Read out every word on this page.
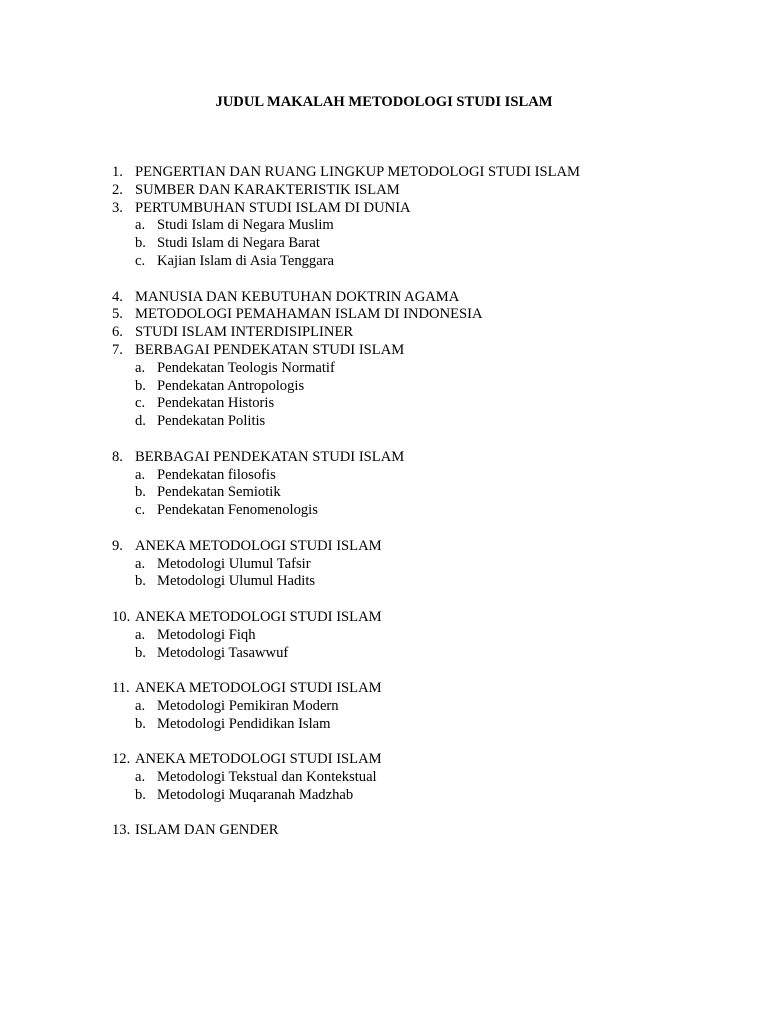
JUDUL MAKALAH METODOLOGI STUDI ISLAM
1. PENGERTIAN DAN RUANG LINGKUP METODOLOGI STUDI ISLAM
2. SUMBER DAN KARAKTERISTIK ISLAM
3. PERTUMBUHAN STUDI ISLAM DI DUNIA
a. Studi Islam di Negara Muslim
b. Studi Islam di Negara Barat
c. Kajian Islam di Asia Tenggara
4. MANUSIA DAN KEBUTUHAN DOKTRIN AGAMA
5. METODOLOGI PEMAHAMAN ISLAM DI INDONESIA
6. STUDI ISLAM INTERDISIPLINER
7. BERBAGAI PENDEKATAN STUDI ISLAM
a. Pendekatan Teologis Normatif
b. Pendekatan Antropologis
c. Pendekatan Historis
d. Pendekatan Politis
8. BERBAGAI PENDEKATAN STUDI ISLAM
a. Pendekatan filosofis
b. Pendekatan Semiotik
c. Pendekatan Fenomenologis
9. ANEKA METODOLOGI STUDI ISLAM
a. Metodologi Ulumul Tafsir
b. Metodologi Ulumul Hadits
10. ANEKA METODOLOGI STUDI ISLAM
a. Metodologi Fiqh
b. Metodologi Tasawwuf
11. ANEKA METODOLOGI STUDI ISLAM
a. Metodologi Pemikiran Modern
b. Metodologi Pendidikan Islam
12. ANEKA METODOLOGI STUDI ISLAM
a. Metodologi Tekstual dan Kontekstual
b. Metodologi Muqaranah Madzhab
13. ISLAM DAN GENDER
